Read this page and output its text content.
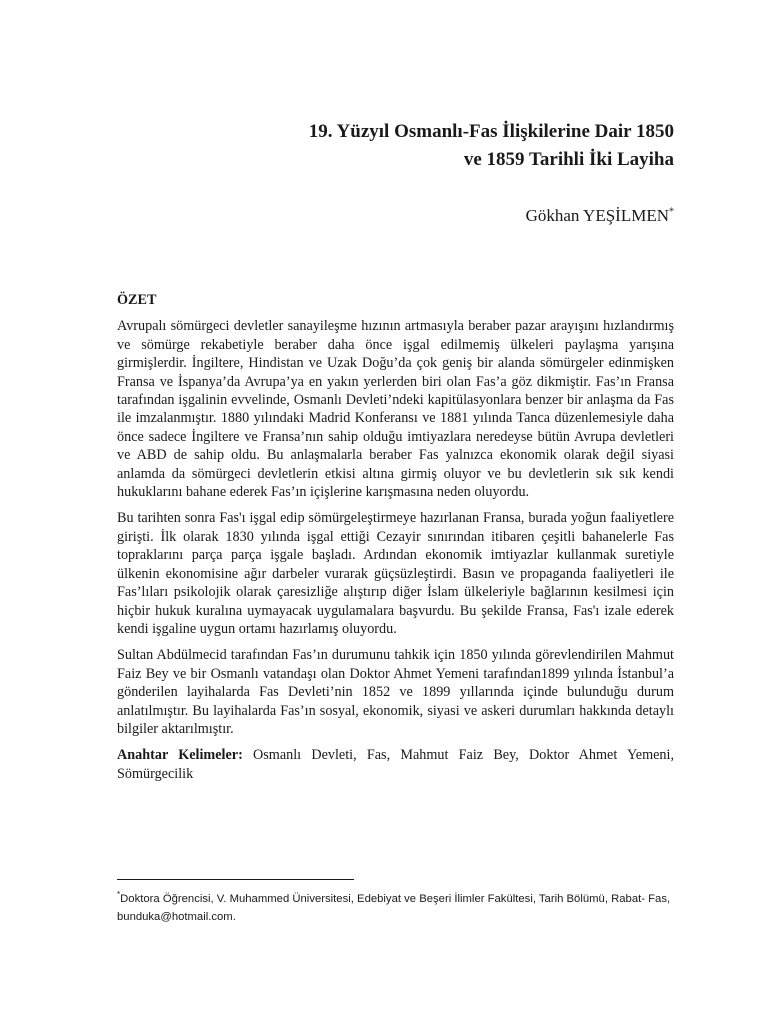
19. Yüzyıl Osmanlı-Fas İlişkilerine Dair 1850
ve 1859 Tarihli İki Layiha
Gökhan YEŞİLMEN*

ÖZET

Avrupalı sömürgeci devletler sanayileşme hızının artmasıyla beraber pazar arayışını hızlandırmış ve sömürge rekabetiyle beraber daha önce işgal edilmemiş ülkeleri paylaşma yarışına girmişlerdir. İngiltere, Hindistan ve Uzak Doğu’da çok geniş bir alanda sömürgeler edinmişken Fransa ve İspanya’da Avrupa’ya en yakın yerlerden biri olan Fas’a göz dikmiştir. Fas’ın Fransa tarafından işgalinin evvelinde, Osmanlı Devleti’ndeki kapitülasyonlara benzer bir anlaşma da Fas ile imzalanmıştır. 1880 yılındaki Madrid Konferansı ve 1881 yılında Tanca düzenlemesiyle daha önce sadece İngiltere ve Fransa’nın sahip olduğu imtiyazlara neredeyse bütün Avrupa devletleri ve ABD de sahip oldu. Bu anlaşmalarla beraber Fas yalnızca ekonomik olarak değil siyasi anlamda da sömürgeci devletlerin etkisi altına girmiş oluyor ve bu devletlerin sık sık kendi hukuklarını bahane ederek Fas’ın içişlerine karışmasına neden oluyordu.

Bu tarihten sonra Fas'ı işgal edip sömürgeleştirmeye hazırlanan Fransa, burada yoğun faaliyetlere girişti. İlk olarak 1830 yılında işgal ettiği Cezayir sınırından itibaren çeşitli bahanelerle Fas topraklarını parça parça işgale başladı. Ardından ekonomik imtiyazlar kullanmak suretiyle ülkenin ekonomisine ağır darbeler vurarak güçsüzleştirdi. Basın ve propaganda faaliyetleri ile Fas’lıları psikolojik olarak çaresizliğe alıştırıp diğer İslam ülkeleriyle bağlarının kesilmesi için hiçbir hukuk kuralına uymayacak uygulamalara başvurdu. Bu şekilde Fransa, Fas'ı izale ederek kendi işgaline uygun ortamı hazırlamış oluyordu.

Sultan Abdülmecid tarafından Fas’ın durumunu tahkik için 1850 yılında görevlendirilen Mahmut Faiz Bey ve bir Osmanlı vatandaşı olan Doktor Ahmet Yemeni tarafından1899 yılında İstanbul’a gönderilen layihalarda Fas Devleti’nin 1852 ve 1899 yıllarında içinde bulunduğu durum anlatılmıştır. Bu layihalarda Fas’ın sosyal, ekonomik, siyasi ve askeri durumları hakkında detaylı bilgiler aktarılmıştır.

Anahtar Kelimeler: Osmanlı Devleti, Fas, Mahmut Faiz Bey, Doktor Ahmet Yemeni, Sömürgecilik

*Doktora Öğrencisi, V. Muhammed Üniversitesi, Edebiyat ve Beşeri İlimler Fakültesi, Tarih Bölümü, Rabat- Fas, bunduka@hotmail.com.
